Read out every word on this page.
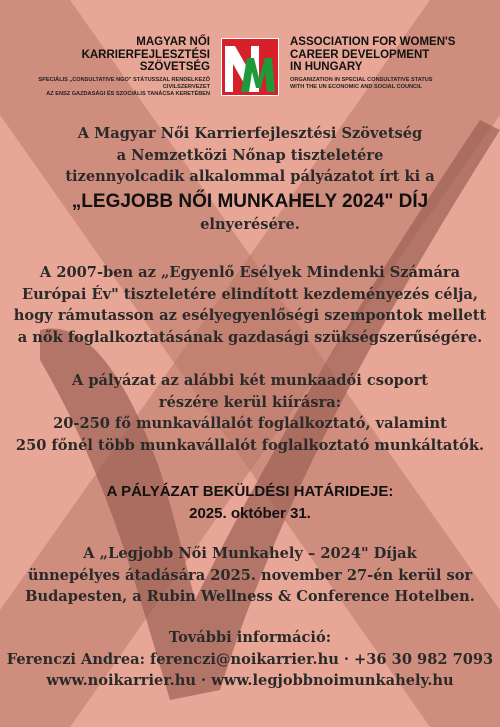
MAGYAR NŐI
KARRIERFEJLESZTÉSI
SZÖVETSÉG
SPECIÁLIS „CONSULTATIVE NGO" STÁTUSSZAL RENDELKEZŐ CIVILSZERVEZET
AZ ENSZ GAZDASÁGI ÉS SZOCIÁLIS TANÁCSA KERETÉBEN
ASSOCIATION FOR WOMEN'S
CAREER DEVELOPMENT
IN HUNGARY
ORGANIZATION IN SPECIAL CONSULTATIVE STATUS
WITH THE UN ECONOMIC AND SOCIAL COUNCIL
A Magyar Női Karrierfejlesztési Szövetség
a Nemzetközi Nőnap tiszteletére
tizennyolcadik alkalommal pályázatot írt ki a
„LEGJOBB NŐI MUNKAHELY 2024" DÍJ
elnyerésére.
A 2007-ben az „Egyenlő Esélyek Mindenki Számára
Európai Év" tiszteletére elindított kezdeményezés célja,
hogy rámutasson az esélyegyenlőségi szempontok mellett
a nők foglalkoztatásának gazdasági szükségszerűségére.
A pályázat az alábbi két munkaadói csoport
részére kerül kiírásra:
20-250 fő munkavállalót foglalkoztató, valamint
250 főnél több munkavállalót foglalkoztató munkáltatók.
A PÁLYÁZAT BEKÜLDÉSI HATÁRIDEJE:
2025. október 31.
A „Legjobb Női Munkahely – 2024" Díjak
ünnepélyes átadására 2025. november 27-én kerül sor
Budapesten, a Rubin Wellness & Conference Hotelben.
További információ:
Ferenczi Andrea: ferenczi@noikarrier.hu · +36 30 982 7093
www.noikarrier.hu · www.legjobbnoimunkahely.hu
